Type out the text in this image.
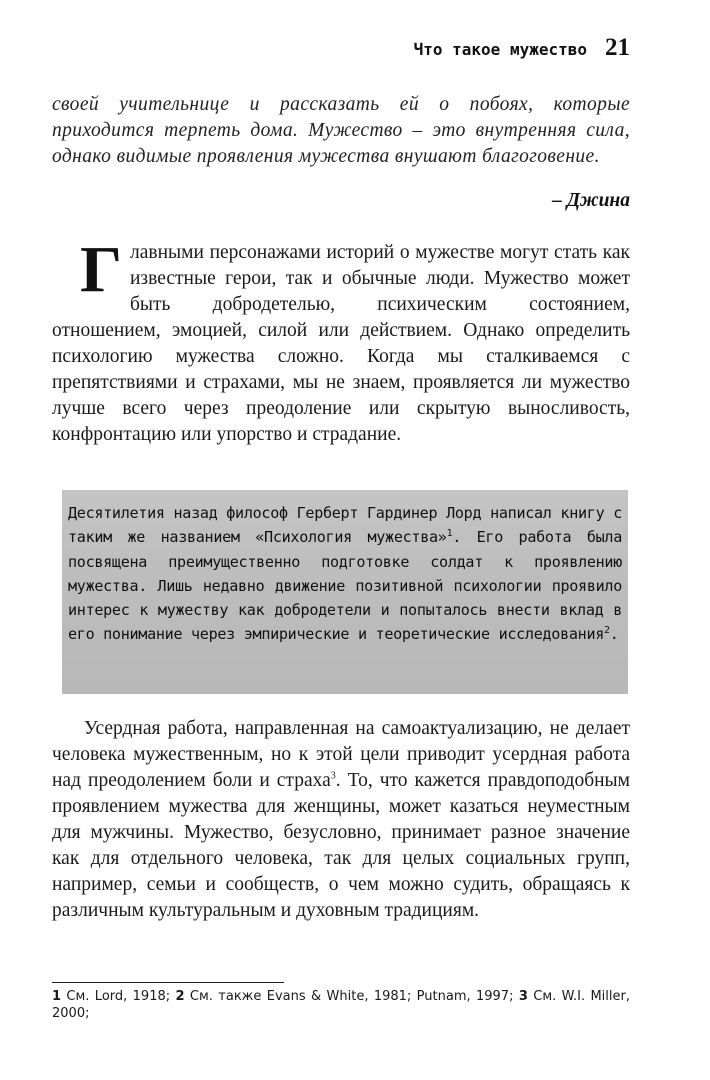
Что такое мужество 21

своей учительнице и рассказать ей о побоях, которые приходится терпеть дома. Мужество – это внутренняя сила, однако видимые проявления мужества внушают благоговение.

– Джина
Г лавными персонажами историй о мужестве могут стать как известные герои, так и обычные люди. Мужество может быть добродетелью, психическим состоянием, отношением, эмоцией, силой или действием. Однако определить психологию мужества сложно. Когда мы сталкиваемся с препятствиями и страхами, мы не знаем, проявляется ли мужество лучше всего через преодоление или скрытую выносливость, конфронтацию или упорство и страдание.

Десятилетия назад философ Герберт Гардинер Лорд написал книгу с таким же названием «Психология мужества»$^1$. Его работа была посвящена преимущественно подготовке солдат к проявлению мужества. Лишь недавно движение позитивной психологии проявило интерес к мужеству как добродетели и попыталось внести вклад в его понимание через эмпирические и теоретические исследования$^2$.

Усердная работа, направленная на самоактуализацию, не делает человека мужественным, но к этой цели приводит усердная работа над преодолением боли и страха$^3$. То, что кажется правдоподобным проявлением мужества для женщины, может казаться неуместным для мужчины. Мужество, безусловно, принимает разное значение как для отдельного человека, так для целых социальных групп, например, семьи и сообществ, о чем можно судить, обращаясь к различным культуральным и духовным традициям.

1 См. Lord, 1918; 2 См. также Evans & White, 1981; Putnam, 1997; 3 См. W.I. Miller, 2000;
